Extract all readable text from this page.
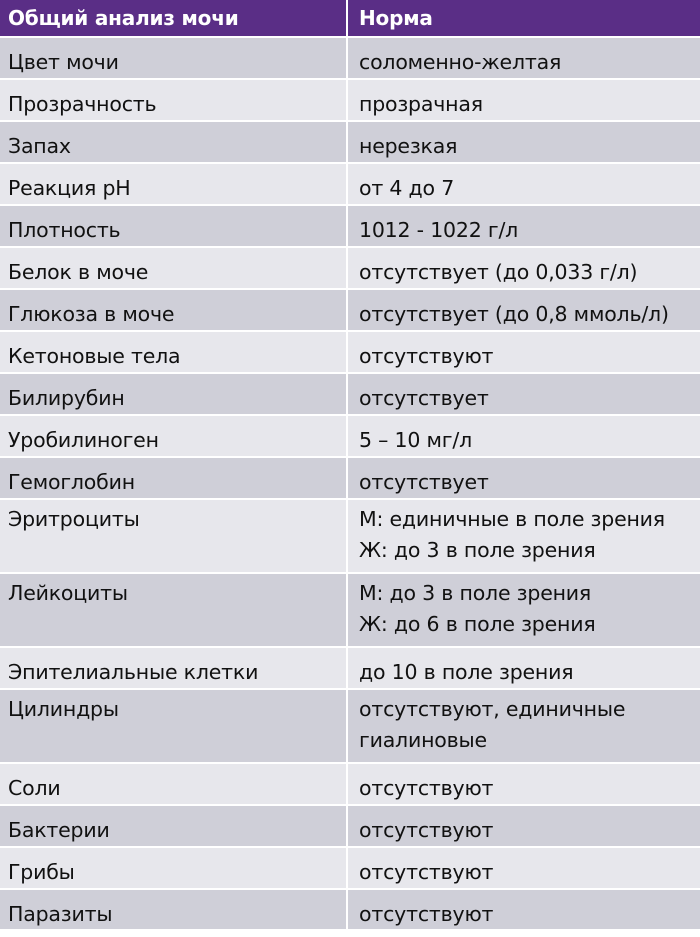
Общий анализ мочи	Норма
Цвет мочи	соломенно-желтая
Прозрачность	прозрачная
Запах	нерезкая
Реакция pH	от 4 до 7
Плотность	1012 - 1022 г/л
Белок в моче	отсутствует (до 0,033 г/л)
Глюкоза в моче	отсутствует (до 0,8 ммоль/л)
Кетоновые тела	отсутствуют
Билирубин	отсутствует
Уробилиноген	5 – 10 мг/л
Гемоглобин	отсутствует
Эритроциты	М: единичные в поле зрения
Ж: до 3 в поле зрения
Лейкоциты	М: до 3 в поле зрения
Ж: до 6 в поле зрения
Эпителиальные клетки	до 10 в поле зрения
Цилиндры	отсутствуют, единичные
гиалиновые
Соли	отсутствуют
Бактерии	отсутствуют
Грибы	отсутствуют
Паразиты	отсутствуют
